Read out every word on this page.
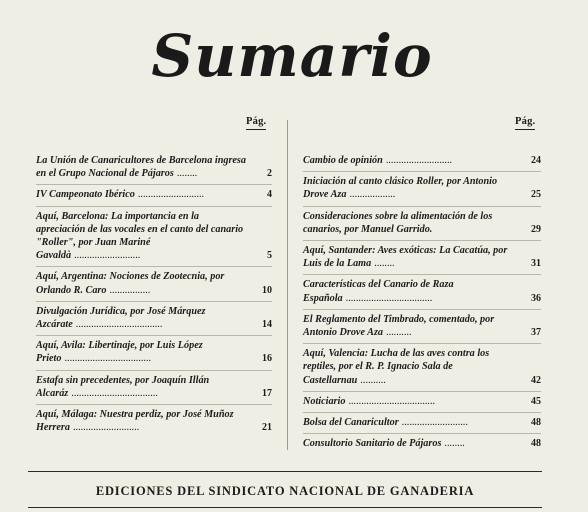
Sumario
Pág.	Pág.
La Unión de Canaricultores de Barcelona ingresa en el Grupo Nacional de Pájaros ........	2
IV Campeonato Ibérico ..........................	4
Aquí, Barcelona: La importancia en la apreciación de las vocales en el canto del canario "Roller", por Juan Mariné Gavaldà ..........................	5
Aquí, Argentina: Nociones de Zootecnia, por Orlando R. Caro ................	10
Divulgación Jurídica, por José Márquez Azcárate ..................................	14
Aquí, Avila: Libertinaje, por Luis López Prieto ..................................	16
Estafa sin precedentes, por Joaquín Illán Alcaráz ..................................	17
Aquí, Málaga: Nuestra perdiz, por José Muñoz Herrera ..........................	21
Cambio de opinión ..........................	24
Iniciación al canto clásico Roller, por Antonio Drove Aza ..................	25
Consideraciones sobre la alimentación de los canarios, por Manuel Garrido.	29
Aquí, Santander: Aves exóticas: La Cacatúa, por Luis de la Lama ........	31
Características del Canario de Raza Española ..................................	36
El Reglamento del Timbrado, comentado, por Antonio Drove Aza ..........	37
Aquí, Valencia: Lucha de las aves contra los reptiles, por el R. P. Ignacio Sala de Castellarnau ..........	42
Noticiario ..................................	45
Bolsa del Canaricultor ..........................	48
Consultorio Sanitario de Pájaros ........	48
EDICIONES DEL SINDICATO NACIONAL DE GANADERIA
